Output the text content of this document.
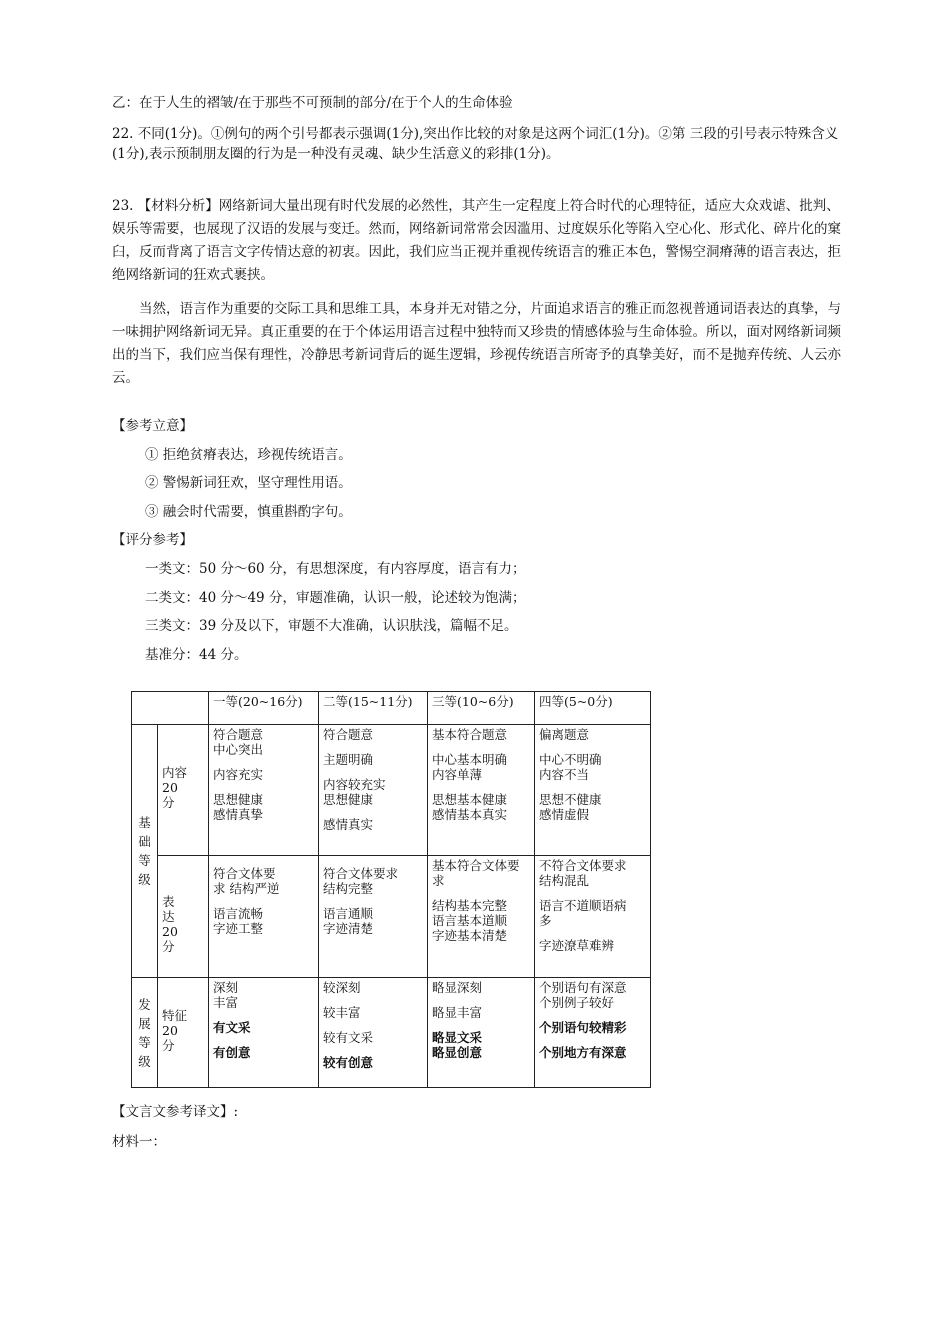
乙：在于人生的褶皱/在于那些不可预制的部分/在于个人的生命体验
22. 不同(1分)。①例句的两个引号都表示强调(1分),突出作比较的对象是这两个词汇(1分)。②第 三段的引号表示特殊含义(1分),表示预制朋友圈的行为是一种没有灵魂、缺少生活意义的彩排(1分)。
23. 【材料分析】网络新词大量出现有时代发展的必然性，其产生一定程度上符合时代的心理特征，适应大众戏谑、批判、娱乐等需要，也展现了汉语的发展与变迁。然而，网络新词常常会因滥用、过度娱乐化等陷入空心化、形式化、碎片化的窠臼，反而背离了语言文字传情达意的初衷。因此，我们应当正视并重视传统语言的雅正本色，警惕空洞瘠薄的语言表达，拒绝网络新词的狂欢式裹挟。
当然，语言作为重要的交际工具和思维工具，本身并无对错之分，片面追求语言的雅正而忽视普通词语表达的真挚，与一味拥护网络新词无异。真正重要的在于个体运用语言过程中独特而又珍贵的情感体验与生命体验。所以，面对网络新词频出的当下，我们应当保有理性，冷静思考新词背后的诞生逻辑，珍视传统语言所寄予的真挚美好，而不是抛弃传统、人云亦云。
【参考立意】
① 拒绝贫瘠表达，珍视传统语言。
② 警惕新词狂欢，坚守理性用语。
③ 融会时代需要，慎重斟酌字句。
【评分参考】
一类文：50 分～60 分，有思想深度，有内容厚度，语言有力；
二类文：40 分～49 分，审题准确，认识一般，论述较为饱满；
三类文：39 分及以下，审题不大准确，认识肤浅，篇幅不足。
基准分：44 分。
		一等(20~16分)	二等(15~11分)	三等(10~6分)	四等(5~0分)

基
础
等
级	内容
20
分	符合题意
中心突出
内容充实
思想健康
感情真挚	符合题意
主题明确
内容较充实
思想健康
感情真实	基本符合题意
中心基本明确
内容单薄
思想基本健康
感情基本真实	偏离题意
中心不明确
内容不当
思想不健康
感情虚假

	表
达
20
分	符合文体要
求 结构严逆
语言流畅
字迹工整	符合文体要求
结构完整
语言通顺
字迹清楚	基本符合文体要
求
结构基本完整
语言基本道顺
字迹基本清楚	不符合文体要求
结构混乱
语言不道顺语病
多
字迹潦草难辨

发
展
等
级	特征
20
分	深刻
丰富
有文采
有创意	较深刻
较丰富
较有文采
较有创意	略显深刻
略显丰富
略显文采
略显创意	个别语句有深意
个别例子较好
个别语句较精彩
个别地方有深意
【文言文参考译文】:
材料一：
